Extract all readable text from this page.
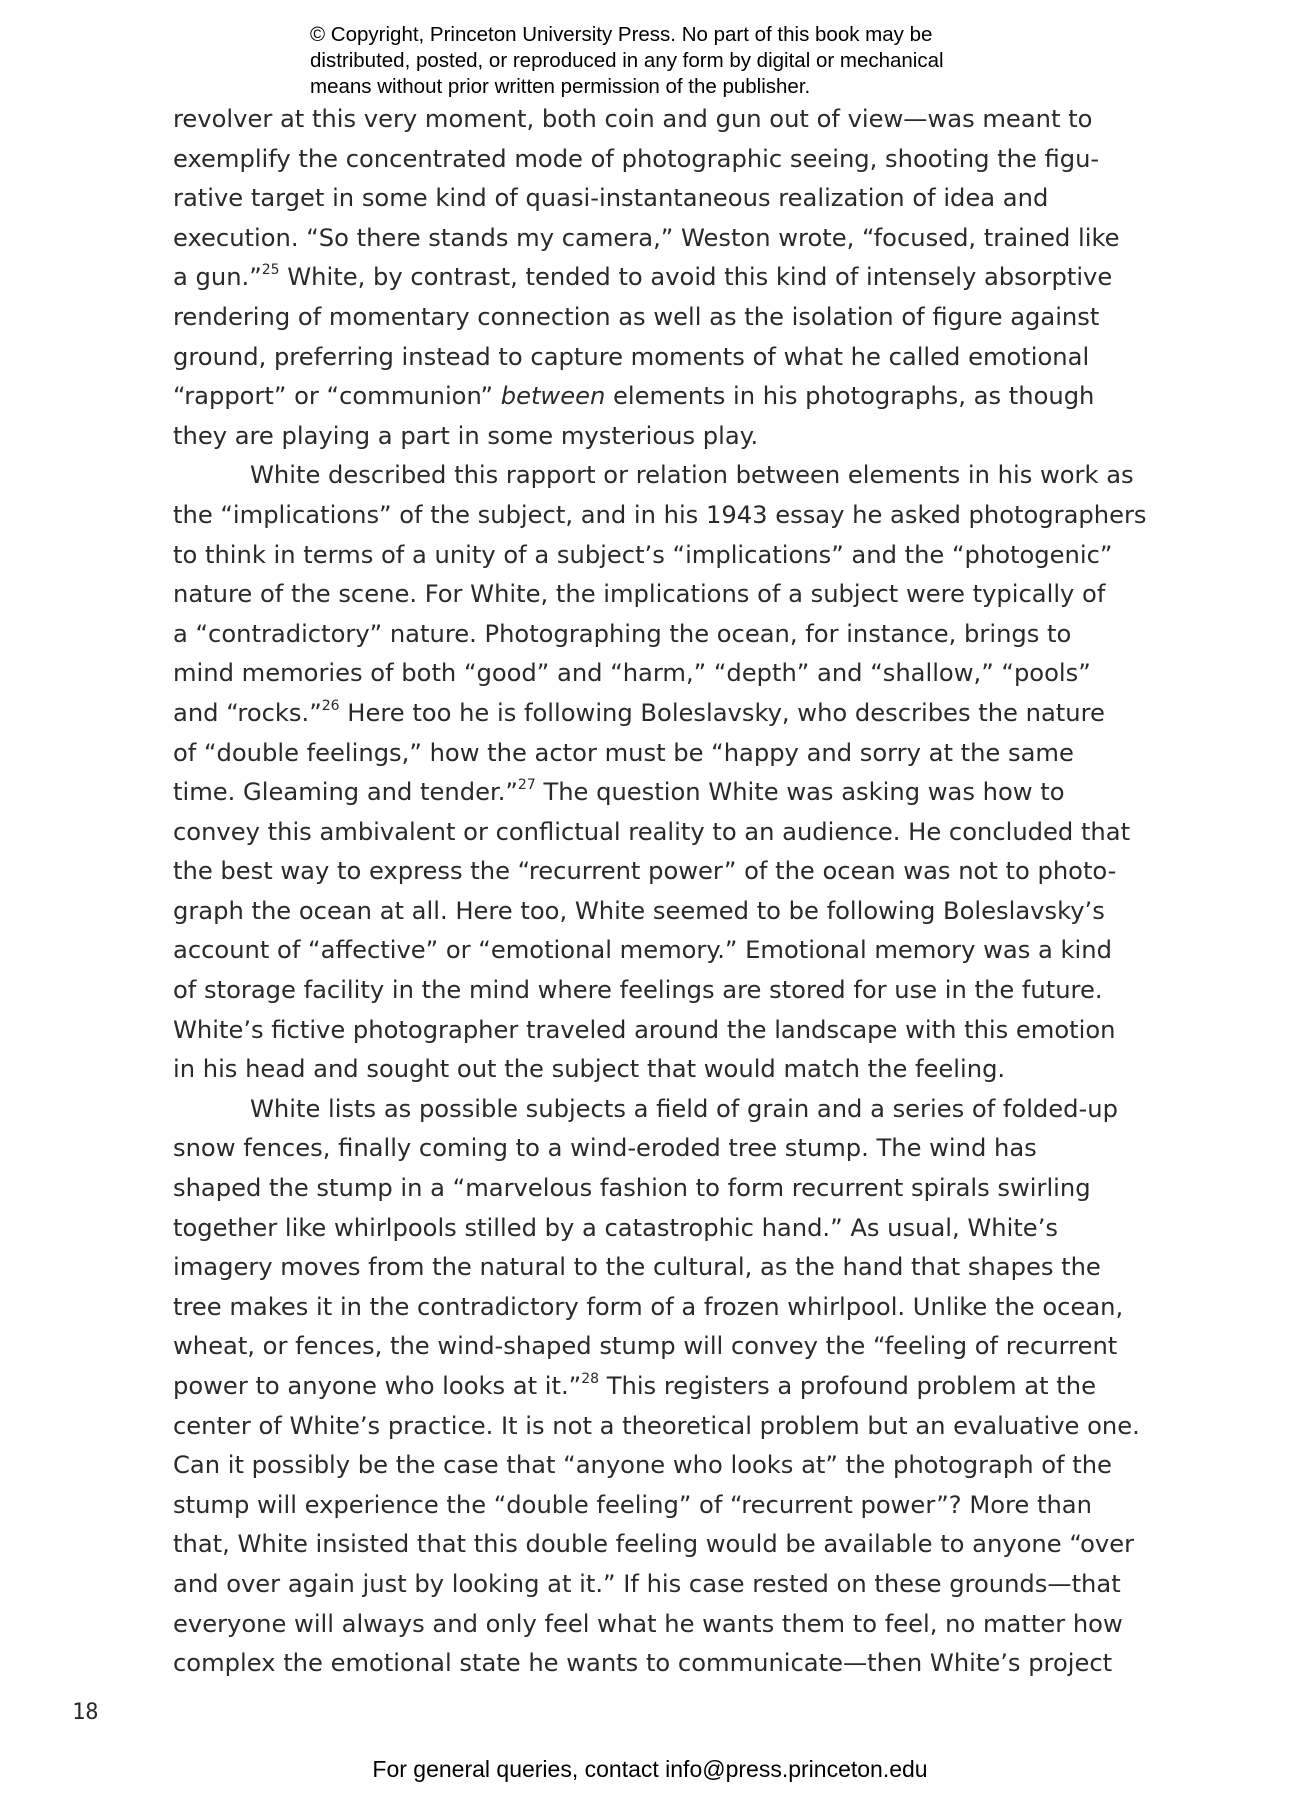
© Copyright, Princeton University Press. No part of this book may be
distributed, posted, or reproduced in any form by digital or mechanical
means without prior written permission of the publisher.
revolver at this very moment, both coin and gun out of view—was meant to
exemplify the concentrated mode of photographic seeing, shooting the figu-
rative target in some kind of quasi-instantaneous realization of idea and
execution. “So there stands my camera,” Weston wrote, “focused, trained like
a gun.”$^{25}$ White, by contrast, tended to avoid this kind of intensely absorptive
rendering of momentary connection as well as the isolation of figure against
ground, preferring instead to capture moments of what he called emotional
“rapport” or “communion” between elements in his photographs, as though
they are playing a part in some mysterious play.
White described this rapport or relation between elements in his work as
the “implications” of the subject, and in his 1943 essay he asked photographers
to think in terms of a unity of a subject’s “implications” and the “photogenic”
nature of the scene. For White, the implications of a subject were typically of
a “contradictory” nature. Photographing the ocean, for instance, brings to
mind memories of both “good” and “harm,” “depth” and “shallow,” “pools”
and “rocks.”$^{26}$ Here too he is following Boleslavsky, who describes the nature
of “double feelings,” how the actor must be “happy and sorry at the same
time. Gleaming and tender.”$^{27}$ The question White was asking was how to
convey this ambivalent or conflictual reality to an audience. He concluded that
the best way to express the “recurrent power” of the ocean was not to photo-
graph the ocean at all. Here too, White seemed to be following Boleslavsky’s
account of “affective” or “emotional memory.” Emotional memory was a kind
of storage facility in the mind where feelings are stored for use in the future.
White’s fictive photographer traveled around the landscape with this emotion
in his head and sought out the subject that would match the feeling.
White lists as possible subjects a field of grain and a series of folded-up
snow fences, finally coming to a wind-eroded tree stump. The wind has
shaped the stump in a “marvelous fashion to form recurrent spirals swirling
together like whirlpools stilled by a catastrophic hand.” As usual, White’s
imagery moves from the natural to the cultural, as the hand that shapes the
tree makes it in the contradictory form of a frozen whirlpool. Unlike the ocean,
wheat, or fences, the wind-shaped stump will convey the “feeling of recurrent
power to anyone who looks at it.”$^{28}$ This registers a profound problem at the
center of White’s practice. It is not a theoretical problem but an evaluative one.
Can it possibly be the case that “anyone who looks at” the photograph of the
stump will experience the “double feeling” of “recurrent power”? More than
that, White insisted that this double feeling would be available to anyone “over
and over again just by looking at it.” If his case rested on these grounds—that
everyone will always and only feel what he wants them to feel, no matter how
complex the emotional state he wants to communicate—then White’s project
18
For general queries, contact info@press.princeton.edu
